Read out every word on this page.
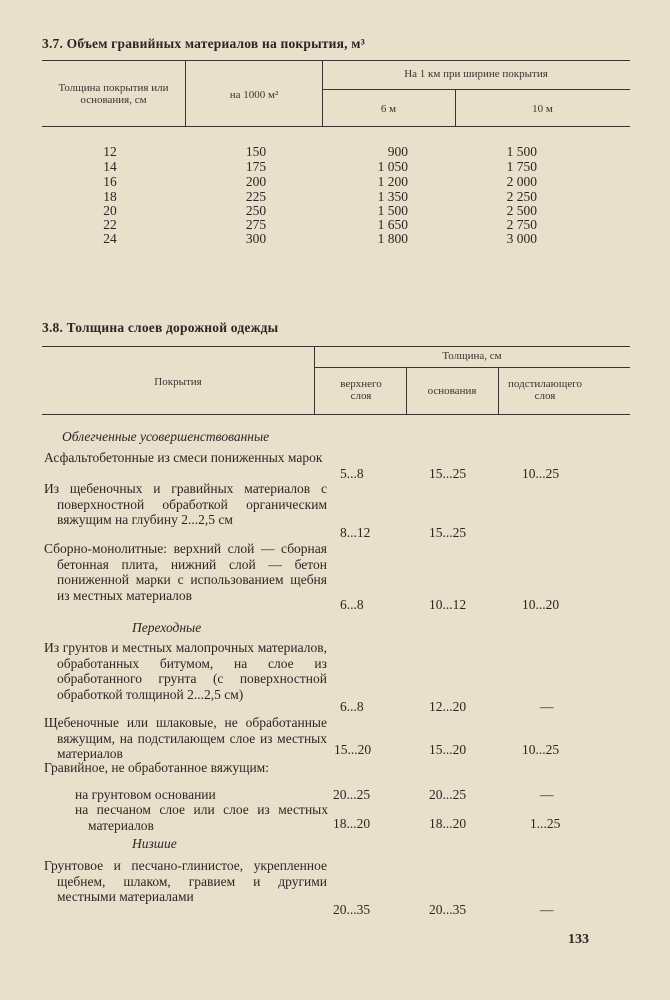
3.7. Объем гравийных материалов на покрытия, м³
Толщина покрытия или основания, см	на 1000 м²
На 1 км при ширине покрытия
6 м	10 м
12	150	900	1 500
14	175	1 050	1 750
16	200	1 200	2 000
18	225	1 350	2 250
20	250	1 500	2 500
22	275	1 650	2 750
24	300	1 800	3 000
3.8. Толщина слоев дорожной одежды
Покрытия
Толщина, см
верхнего слоя	основания
подстилающего слоя
Облегченные усовершенствованные
Асфальтобетонные из смеси пониженных марок
5...8	15...25	10...25
Из щебеночных и гравийных материалов с поверхностной обработкой органическим вяжущим на глубину 2...2,5 см
8...12	15...25
Сборно-монолитные: верхний слой — сборная бетонная плита, нижний слой — бетон пониженной марки с использованием щебня из местных материалов
6...8	10...12	10...20
Переходные
Из грунтов и местных малопрочных материалов, обработанных битумом, на слое из обработанного грунта (с поверхностной обработкой толщиной 2...2,5 см)
6...8	12...20	—
Щебеночные или шлаковые, не обработанные вяжущим, на подстилающем слое из местных материалов	15...20	15...20	10...25
Гравийное, не обработанное вяжущим:
на грунтовом основании	20...25	20...25	—
на песчаном слое или слое из местных материалов	18...20	18...20	1...25
Низшие
Грунтовое и песчано-глинистое, укрепленное щебнем, шлаком, гравием и другими местными материалами
20...35	20...35	—
133
